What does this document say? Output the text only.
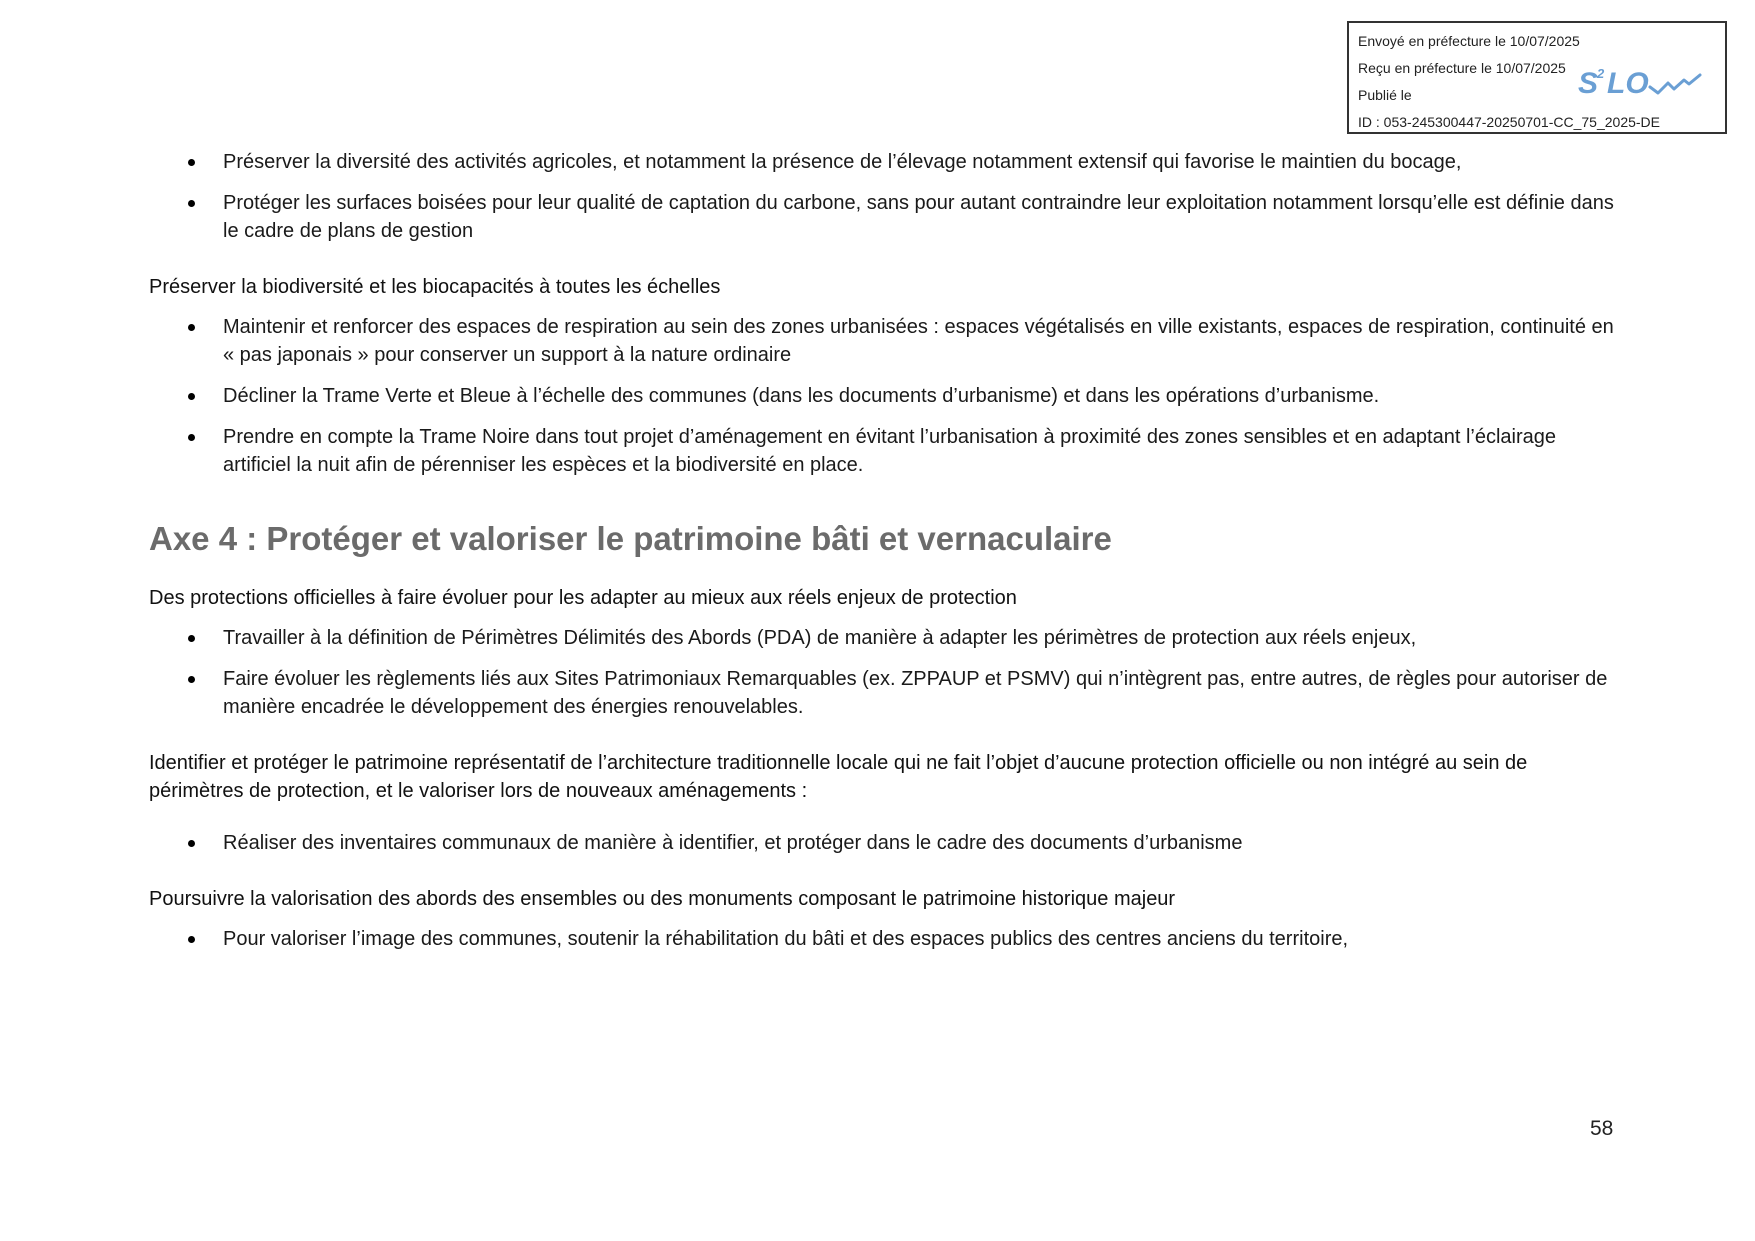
Envoyé en préfecture le 10/07/2025
Reçu en préfecture le 10/07/2025
Publié le
ID : 053-245300447-20250701-CC_75_2025-DE
S
2 LO
Préserver la diversité des activités agricoles, et notamment la présence de l’élevage notamment extensif qui favorise le maintien du bocage,
Protéger les surfaces boisées pour leur qualité de captation du carbone, sans pour autant contraindre leur exploitation notamment lorsqu’elle est définie dans le cadre de plans de gestion

Préserver la biodiversité et les biocapacités à toutes les échelles

Maintenir et renforcer des espaces de respiration au sein des zones urbanisées : espaces végétalisés en ville existants, espaces de respiration, continuité en « pas japonais » pour conserver un support à la nature ordinaire
Décliner la Trame Verte et Bleue à l’échelle des communes (dans les documents d’urbanisme) et dans les opérations d’urbanisme.
Prendre en compte la Trame Noire dans tout projet d’aménagement en évitant l’urbanisation à proximité des zones sensibles et en adaptant l’éclairage artificiel la nuit afin de pérenniser les espèces et la biodiversité en place.
Axe 4 : Protéger et valoriser le patrimoine bâti et vernaculaire

Des protections officielles à faire évoluer pour les adapter au mieux aux réels enjeux de protection

Travailler à la définition de Périmètres Délimités des Abords (PDA) de manière à adapter les périmètres de protection aux réels enjeux,
Faire évoluer les règlements liés aux Sites Patrimoniaux Remarquables (ex. ZPPAUP et PSMV) qui n’intègrent pas, entre autres, de règles pour autoriser de manière encadrée le développement des énergies renouvelables.

Identifier et protéger le patrimoine représentatif de l’architecture traditionnelle locale qui ne fait l’objet d’aucune protection officielle ou non intégré au sein de périmètres de protection, et le valoriser lors de nouveaux aménagements :

Réaliser des inventaires communaux de manière à identifier, et protéger dans le cadre des documents d’urbanisme

Poursuivre la valorisation des abords des ensembles ou des monuments composant le patrimoine historique majeur

Pour valoriser l’image des communes, soutenir la réhabilitation du bâti et des espaces publics des centres anciens du territoire,
58
